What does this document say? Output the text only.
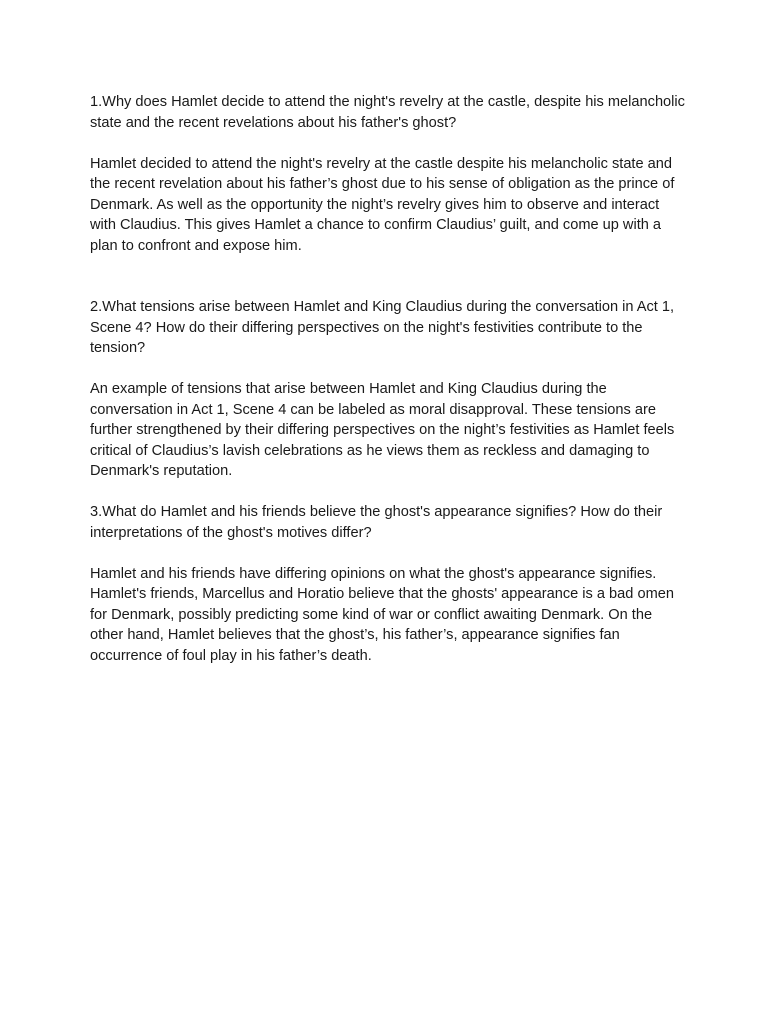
1.Why does Hamlet decide to attend the night's revelry at the castle, despite his melancholic state and the recent revelations about his father's ghost?

Hamlet decided to attend the night's revelry at the castle despite his melancholic state and the recent revelation about his father’s ghost due to his sense of obligation as the prince of Denmark. As well as the opportunity the night’s revelry gives him to observe and interact with Claudius. This gives Hamlet a chance to confirm Claudius’ guilt, and come up with a plan to confront and expose him.

2.What tensions arise between Hamlet and King Claudius during the conversation in Act 1, Scene 4? How do their differing perspectives on the night's festivities contribute to the tension?

An example of tensions that arise between Hamlet and King Claudius during the conversation in Act 1, Scene 4 can be labeled as moral disapproval. These tensions are further strengthened by their differing perspectives on the night’s festivities as Hamlet feels critical of Claudius’s lavish celebrations as he views them as reckless and damaging to Denmark's reputation.

3.What do Hamlet and his friends believe the ghost's appearance signifies? How do their interpretations of the ghost's motives differ?

Hamlet and his friends have differing opinions on what the ghost's appearance signifies. Hamlet's friends, Marcellus and Horatio believe that the ghosts' appearance is a bad omen for Denmark, possibly predicting some kind of war or conflict awaiting Denmark. On the other hand, Hamlet believes that the ghost’s, his father’s, appearance signifies fan occurrence of foul play in his father’s death.
